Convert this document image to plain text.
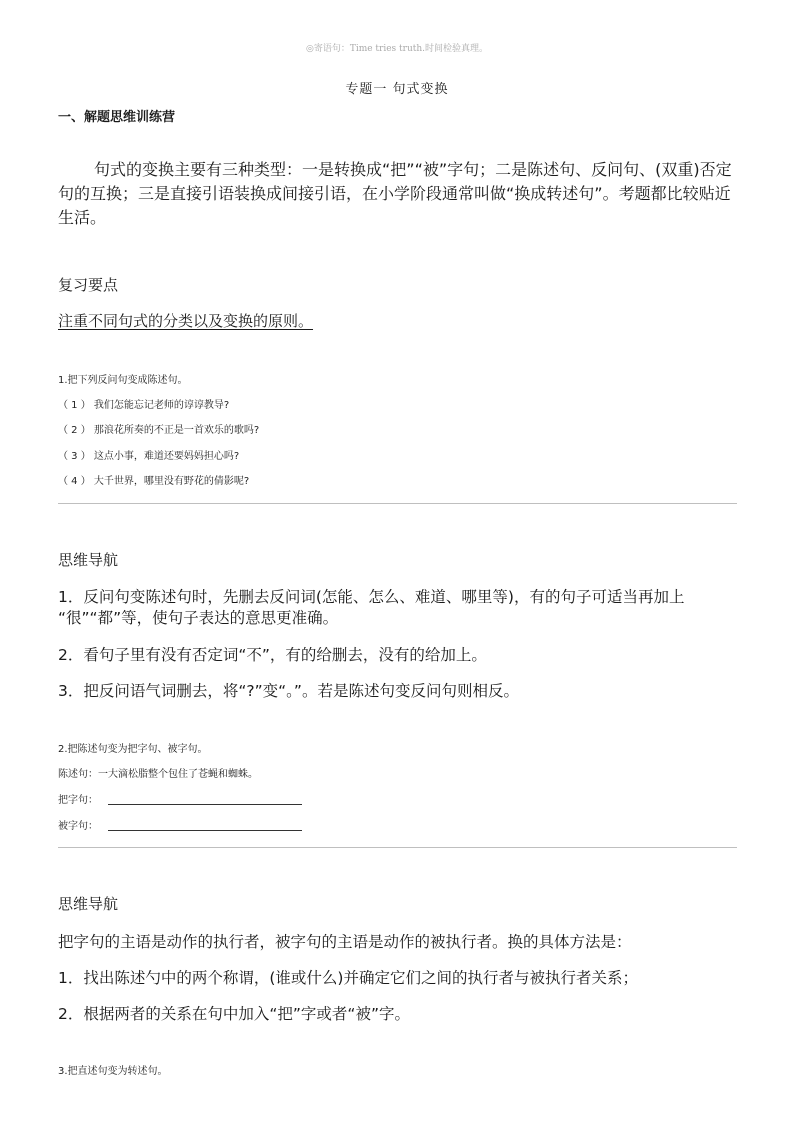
◎寄语句：Time tries truth.时间检验真理。
专题一 句式变换
一、解题思维训练营
句式的变换主要有三种类型：一是转换成“把”“被”字句；二是陈述句、反问句、(双重)否定句的互换；三是直接引语装换成间接引语，在小学阶段通常叫做“换成转述句”。考题都比较贴近生活。
复习要点
注重不同句式的分类以及变换的原则。
1.把下列反问句变成陈述句。
（ 1 ） 我们怎能忘记老师的谆谆教导?
（ 2 ） 那浪花所奏的不正是一首欢乐的歌吗?
（ 3 ） 这点小事，难道还要妈妈担心吗?
（ 4 ） 大千世界，哪里没有野花的倩影呢?
思维导航
1．反问句变陈述句时，先删去反问词(怎能、怎么、难道、哪里等)，有的句子可适当再加上
“很”“都”等，使句子表达的意思更准确。
2．看句子里有没有否定词“不”，有的给删去，没有的给加上。
3．把反问语气词删去，将“?”变“。”。若是陈述句变反问句则相反。
2.把陈述句变为把字句、被字句。
陈述句：一大滴松脂整个包住了苍蝇和蜘蛛。
把字句：
被字句：
思维导航
把字句的主语是动作的执行者，被字句的主语是动作的被执行者。换的具体方法是：
1．找出陈述勺中的两个称谓，(谁或什么)并确定它们之间的执行者与被执行者关系；
2．根据两者的关系在句中加入“把”字或者“被”字。
3.把直述句变为转述句。
